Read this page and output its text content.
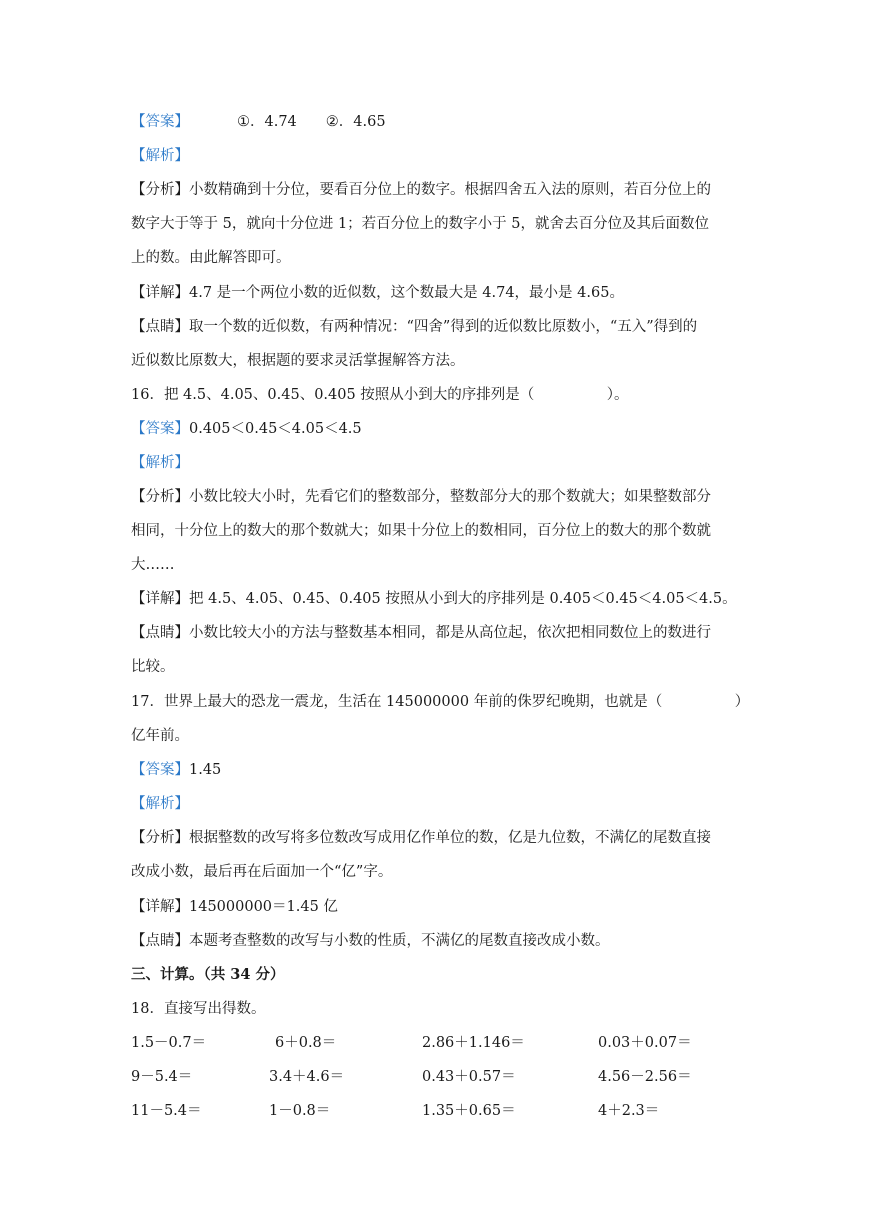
【答案】	①．4.74　　②．4.65
【解析】
【分析】小数精确到十分位，要看百分位上的数字。根据四舍五入法的原则，若百分位上的
数字大于等于 5，就向十分位进 1；若百分位上的数字小于 5，就舍去百分位及其后面数位
上的数。由此解答即可。
【详解】4.7 是一个两位小数的近似数，这个数最大是 4.74，最小是 4.65。
【点睛】取一个数的近似数，有两种情况：“四舍”得到的近似数比原数小，“五入”得到的
近似数比原数大，根据题的要求灵活掌握解答方法。
16．把 4.5、4.05、0.45、0.405 按照从小到大的序排列是（　　　　　）。
【答案】0.405＜0.45＜4.05＜4.5
【解析】
【分析】小数比较大小时，先看它们的整数部分，整数部分大的那个数就大；如果整数部分
相同，十分位上的数大的那个数就大；如果十分位上的数相同，百分位上的数大的那个数就
大……
【详解】把 4.5、4.05、0.45、0.405 按照从小到大的序排列是 0.405＜0.45＜4.05＜4.5。
【点睛】小数比较大小的方法与整数基本相同，都是从高位起，依次把相同数位上的数进行
比较。
17．世界上最大的恐龙一震龙，生活在 145000000 年前的侏罗纪晚期，也就是（　　　　　）
亿年前。
【答案】1.45
【解析】
【分析】根据整数的改写将多位数改写成用亿作单位的数，亿是九位数，不满亿的尾数直接
改成小数，最后再在后面加一个“亿”字。
【详解】145000000＝1.45 亿
【点睛】本题考查整数的改写与小数的性质，不满亿的尾数直接改成小数。
三、计算。（共 34 分）
18．直接写出得数。
1.5－0.7＝	6＋0.8＝	2.86＋1.146＝	0.03＋0.07＝
9－5.4＝	3.4＋4.6＝	0.43＋0.57＝	4.56－2.56＝
11－5.4＝	1－0.8＝	1.35＋0.65＝	4＋2.3＝
